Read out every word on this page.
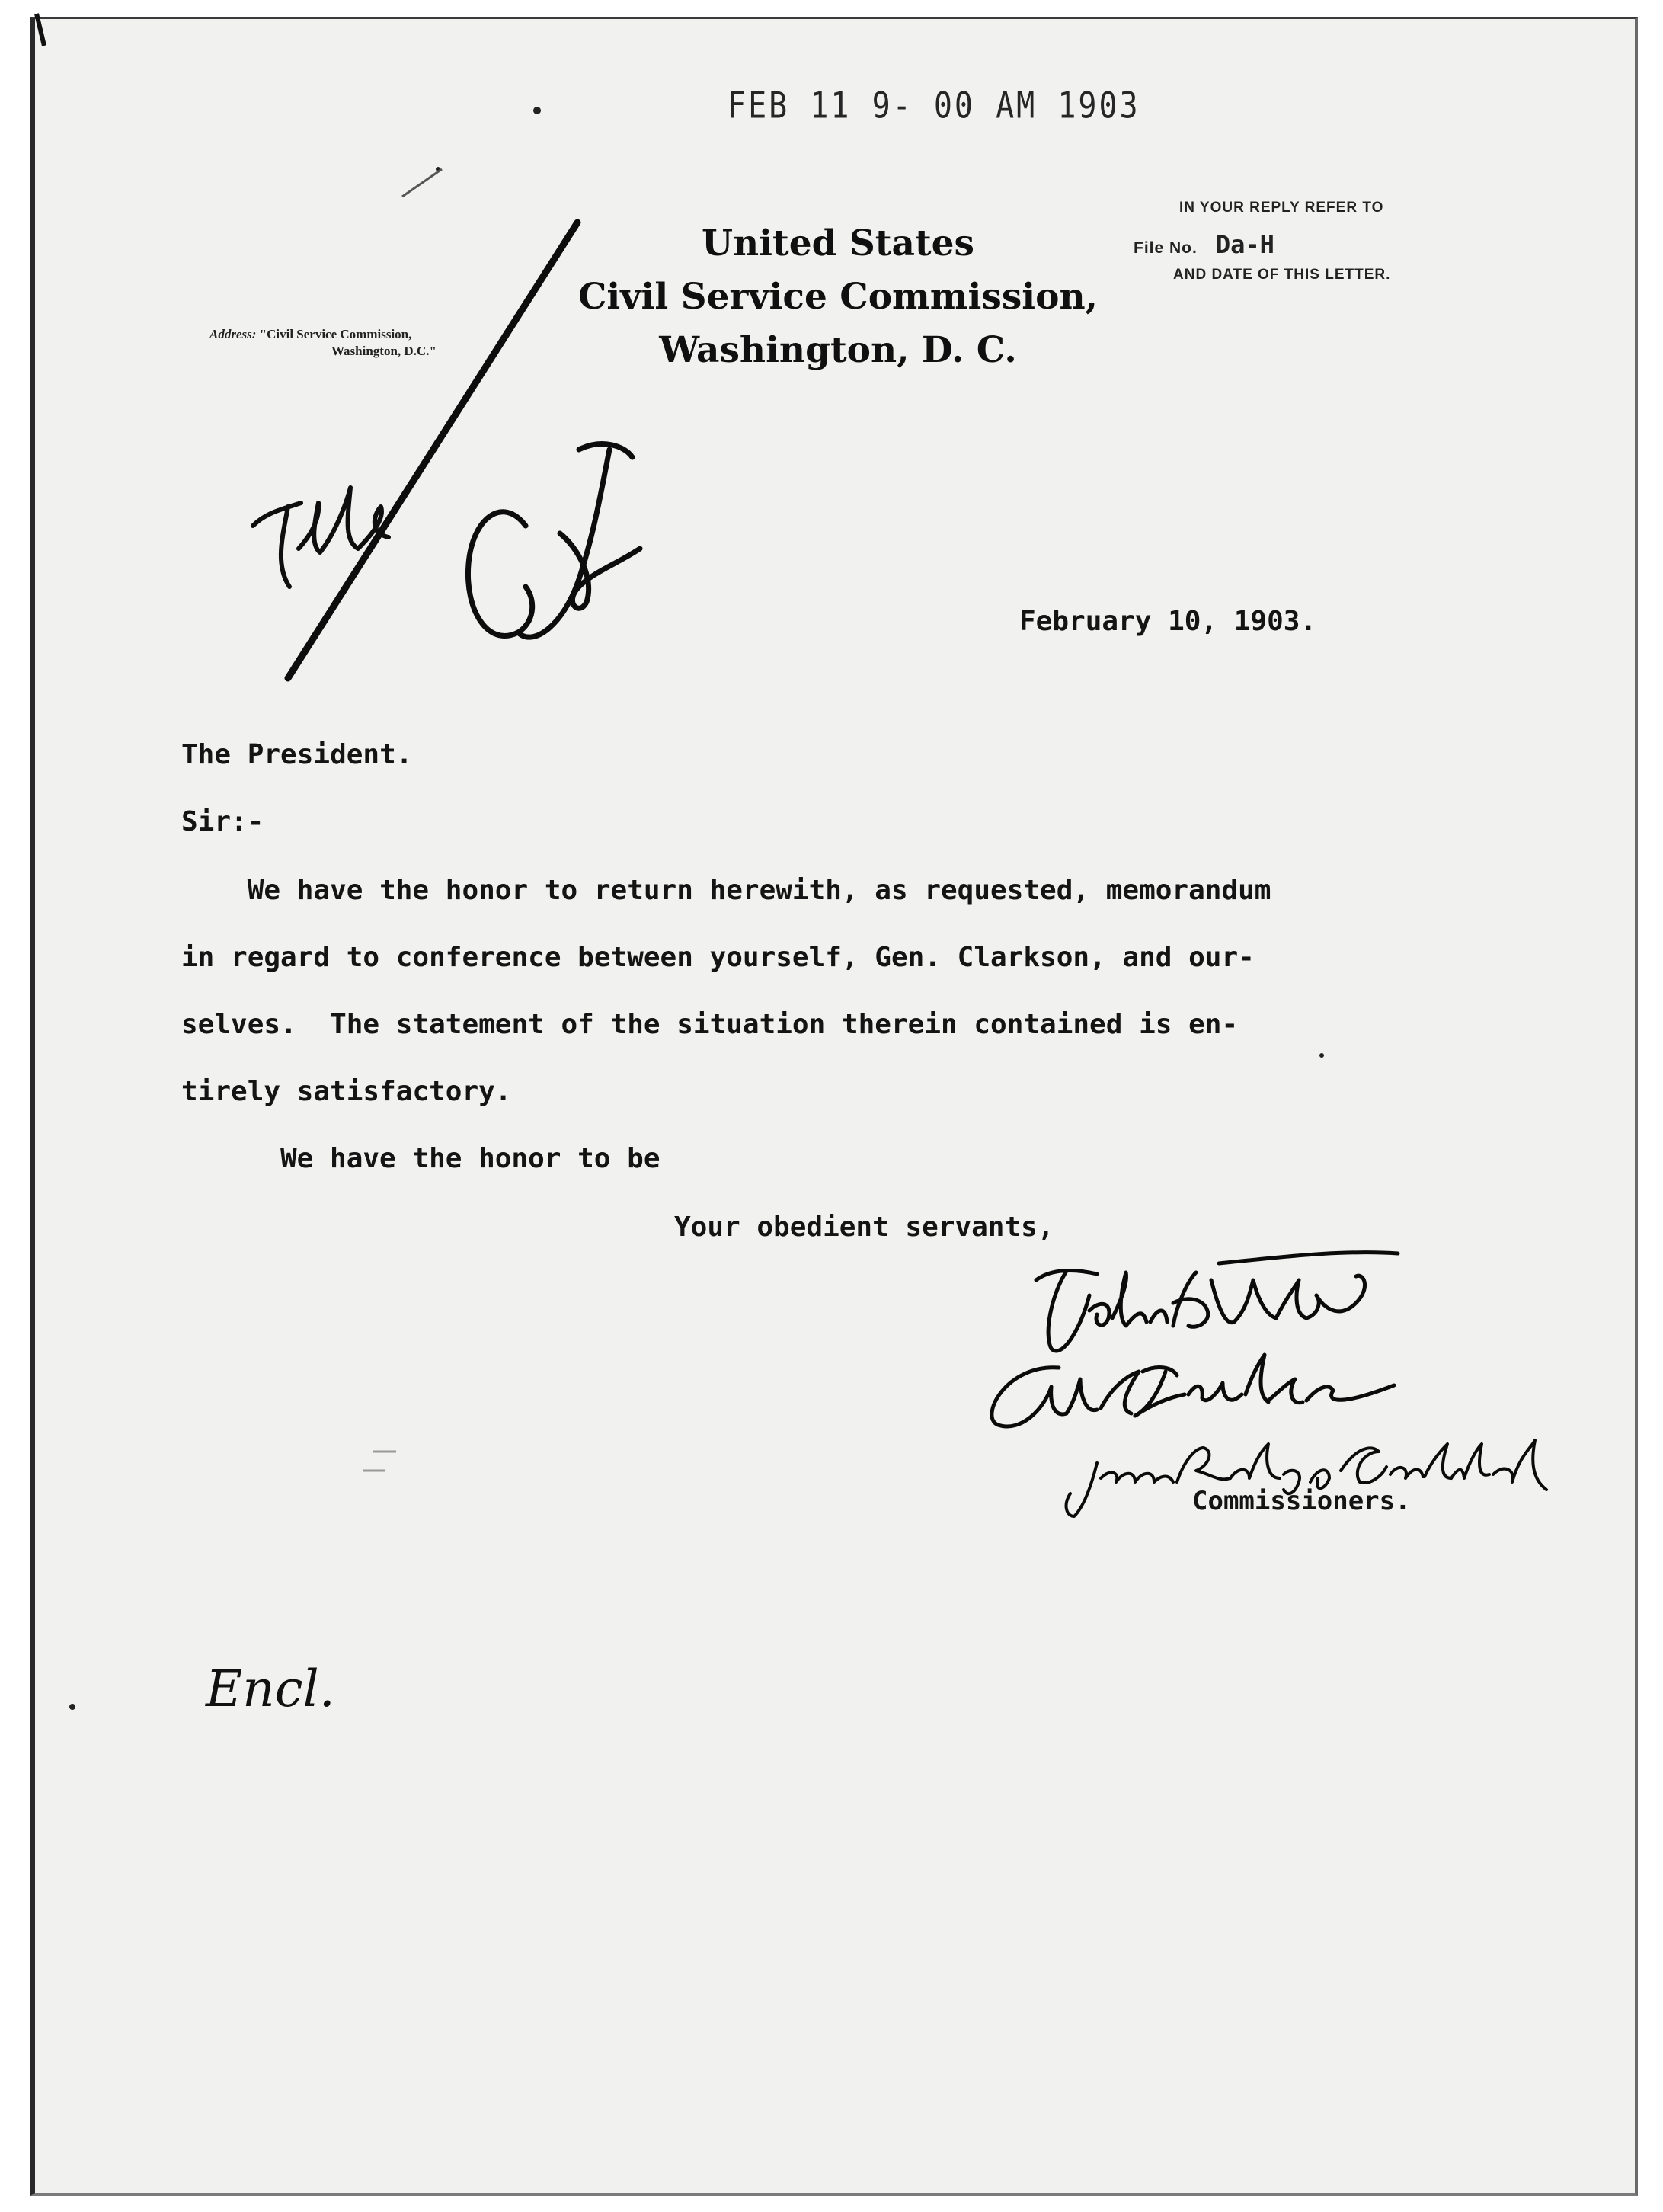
FEB 11 9- 00 AM 1903
United States
Civil Service Commission,
Washington, D. C.
Address: "Civil Service Commission,
Washington, D.C."
IN YOUR REPLY REFER TO
File No. Da-H
AND DATE OF THIS LETTER.
February 10, 1903.
The President.
Sir:-
We have the honor to return herewith, as requested, memorandum
in regard to conference between yourself, Gen. Clarkson, and our-
selves.  The statement of the situation therein contained is en-
tirely satisfactory.
We have the honor to be
Your obedient servants,
Commissioners.
Encl.
